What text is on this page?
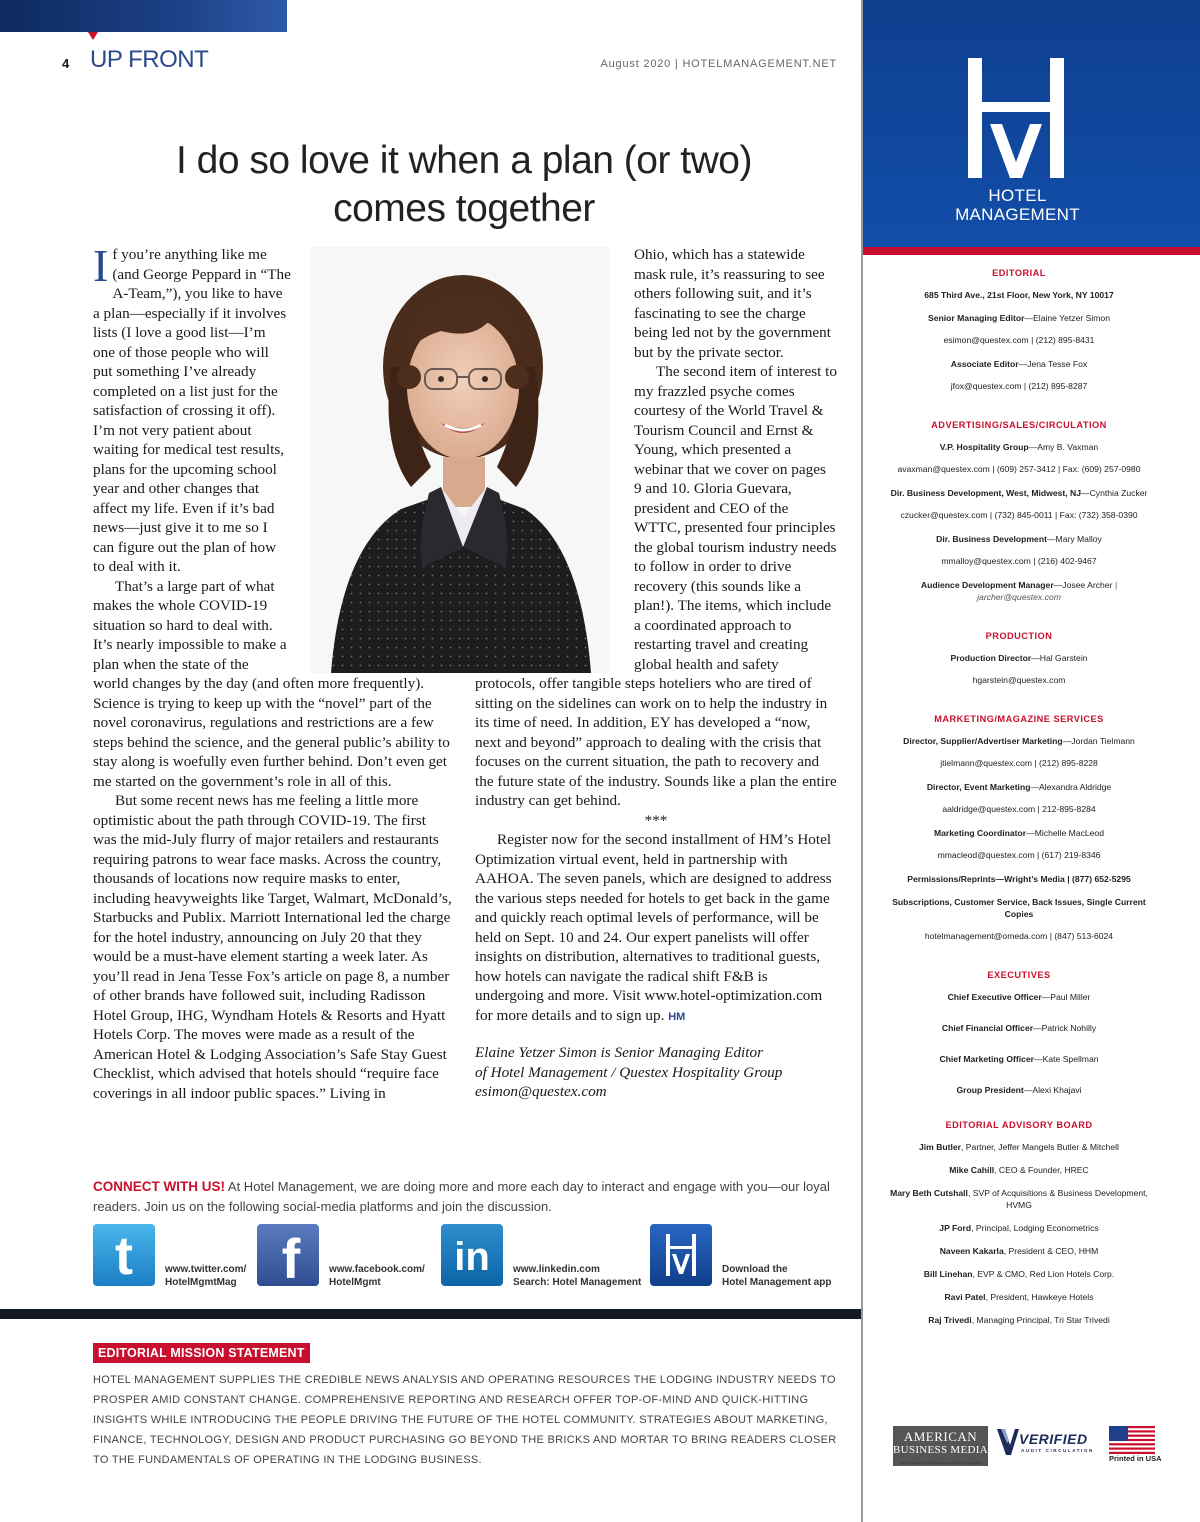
4 UP FRONT	August 2020 | HOTELMANAGEMENT.NET
I do so love it when a plan (or two)
comes together

If you’re anything like me (and George Peppard in “The A-Team,”), you like to have a plan—especially if it involves lists (I love a good list—I’m one of those people who will put something I’ve already completed on a list just for the satisfaction of crossing it off). I’m not very patient about waiting for medical test results, plans for the upcoming school year and other changes that affect my life. Even if it’s bad news—just give it to me so I can figure out the plan of how to deal with it.

That’s a large part of what makes the whole COVID-19 situation so hard to deal with. It’s nearly impossible to make a plan when the state of the

world changes by the day (and often more frequently). Science is trying to keep up with the “novel” part of the novel coronavirus, regulations and restrictions are a few steps behind the science, and the general public’s ability to stay along is woefully even further behind. Don’t even get me started on the government’s role in all of this.

But some recent news has me feeling a little more optimistic about the path through COVID-19. The first was the mid-July flurry of major retailers and restaurants requiring patrons to wear face masks. Across the country, thousands of locations now require masks to enter, including heavyweights like Target, Walmart, McDonald’s, Starbucks and Publix. Marriott International led the charge for the hotel industry, announcing on July 20 that they would be a must-have element starting a week later. As you’ll read in Jena Tesse Fox’s article on page 8, a number of other brands have followed suit, including Radisson Hotel Group, IHG, Wyndham Hotels & Resorts and Hyatt Hotels Corp. The moves were made as a result of the American Hotel & Lodging Association’s Safe Stay Guest Checklist, which advised that hotels should “require face coverings in all indoor public spaces.” Living in

Ohio, which has a statewide mask rule, it’s reassuring to see others following suit, and it’s fascinating to see the charge being led not by the government but by the private sector.

The second item of interest to my frazzled psyche comes courtesy of the World Travel & Tourism Council and Ernst & Young, which presented a webinar that we cover on pages 9 and 10. Gloria Guevara, president and CEO of the WTTC, presented four principles the global tourism industry needs to follow in order to drive recovery (this sounds like a plan!). The items, which include a coordinated approach to restarting travel and creating global health and safety

protocols, offer tangible steps hoteliers who are tired of sitting on the sidelines can work on to help the industry in its time of need. In addition, EY has developed a “now, next and beyond” approach to dealing with the crisis that focuses on the current situation, the path to recovery and the future state of the industry. Sounds like a plan the entire industry can get behind.

***

Register now for the second installment of HM’s Hotel Optimization virtual event, held in partnership with AAHOA. The seven panels, which are designed to address the various steps needed for hotels to get back in the game and quickly reach optimal levels of performance, will be held on Sept. 10 and 24. Our expert panelists will offer insights on distribution, alternatives to traditional guests, how hotels can navigate the radical shift F&B is undergoing and more. Visit www.hotel-optimization.com for more details and to sign up. HM

Elaine Yetzer Simon is Senior Managing Editor
of Hotel Management / Questex Hospitality Group
esimon@questex.com
CONNECT WITH US! At Hotel Management, we are doing more and more each day to interact and engage with you—our loyal readers. Join us on the following social-media platforms and join the discussion.
t	www.twitter.com/
HotelMgmtMag f	www.facebook.com/
HotelMgmt
in www.linkedin.com
Search: Hotel Management
Download the
Hotel Management app
EDITORIAL MISSION STATEMENT
HOTEL MANAGEMENT SUPPLIES THE CREDIBLE NEWS ANALYSIS AND OPERATING RESOURCES THE LODGING INDUSTRY NEEDS TO PROSPER AMID CONSTANT CHANGE. COMPREHENSIVE REPORTING AND RESEARCH OFFER TOP-OF-MIND AND QUICK-HITTING INSIGHTS WHILE INTRODUCING THE PEOPLE DRIVING THE FUTURE OF THE HOTEL COMMUNITY. STRATEGIES ABOUT MARKETING, FINANCE, TECHNOLOGY, DESIGN AND PRODUCT PURCHASING GO BEYOND THE BRICKS AND MORTAR TO BRING READERS CLOSER TO THE FUNDAMENTALS OF OPERATING IN THE LODGING BUSINESS.
HOTEL
MANAGEMENT
EDITORIAL
685 Third Ave., 21st Floor, New York, NY 10017
Senior Managing Editor—Elaine Yetzer Simon
esimon@questex.com | (212) 895-8431
Associate Editor—Jena Tesse Fox
jfox@questex.com | (212) 895-8287
ADVERTISING/SALES/CIRCULATION
V.P. Hospitality Group—Amy B. Vaxman
avaxman@questex.com | (609) 257-3412 | Fax: (609) 257-0980
Dir. Business Development, West, Midwest, NJ—Cynthia Zucker
czucker@questex.com | (732) 845-0011 | Fax: (732) 358-0390
Dir. Business Development—Mary Malloy
mmalloy@questex.com | (216) 402-9467
Audience Development Manager—Josee Archer | jarcher@questex.com
PRODUCTION
Production Director—Hal Garstein
hgarstein@questex.com
MARKETING/MAGAZINE SERVICES
Director, Supplier/Advertiser Marketing—Jordan Tielmann
jtielmann@questex.com | (212) 895-8228
Director, Event Marketing—Alexandra Aldridge
aaldridge@questex.com | 212-895-8284
Marketing Coordinator—Michelle MacLeod
mmacleod@questex.com | (617) 219-8346
Permissions/Reprints—Wright’s Media | (877) 652-5295
Subscriptions, Customer Service, Back Issues, Single Current Copies
hotelmanagement@omeda.com | (847) 513-6024
EXECUTIVES
Chief Executive Officer—Paul Miller
Chief Financial Officer—Patrick Nohilly
Chief Marketing Officer—Kate Spellman
Group President—Alexi Khajavi
EDITORIAL ADVISORY BOARD
Jim Butler, Partner, Jeffer Mangels Butler & Mitchell
Mike Cahill, CEO & Founder, HREC
Mary Beth Cutshall, SVP of Acquisitions & Business Development, HVMG
JP Ford, Principal, Lodging Econometrics
Naveen Kakarla, President & CEO, HHM
Bill Linehan, EVP & CMO, Red Lion Hotels Corp.
Ravi Patel, President, Hawkeye Hotels
Raj Trivedi, Managing Principal, Tri Star Trivedi
AMERICAN
BUSINESS MEDIA
The Association of Business Media Companies
VERIFIED
AUDIT CIRCULATION
Printed in USA
